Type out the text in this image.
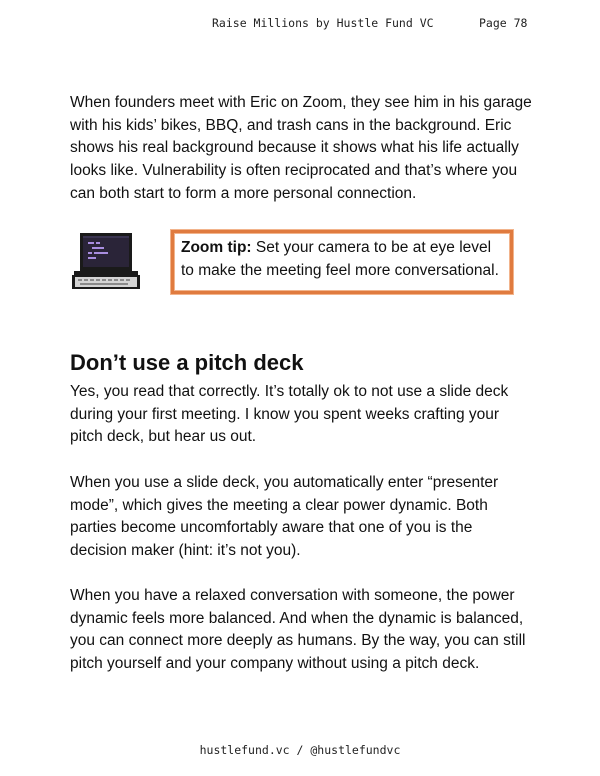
Raise Millions by Hustle Fund VC	Page 78

When founders meet with Eric on Zoom, they see him in his garage with his kids’ bikes, BBQ, and trash cans in the background. Eric shows his real background because it shows what his life actually looks like. Vulnerability is often reciprocated and that’s where you can both start to form a more personal connection.

Zoom tip: Set your camera to be at eye level to make the meeting feel more conversational.

Don’t use a pitch deck

Yes, you read that correctly. It’s totally ok to not use a slide deck during your first meeting. I know you spent weeks crafting your pitch deck, but hear us out.

When you use a slide deck, you automatically enter “presenter mode”, which gives the meeting a clear power dynamic. Both parties become uncomfortably aware that one of you is the decision maker (hint: it’s not you).

When you have a relaxed conversation with someone, the power dynamic feels more balanced. And when the dynamic is balanced, you can connect more deeply as humans. By the way, you can still pitch yourself and your company without using a pitch deck.

hustlefund.vc / @hustlefundvc
